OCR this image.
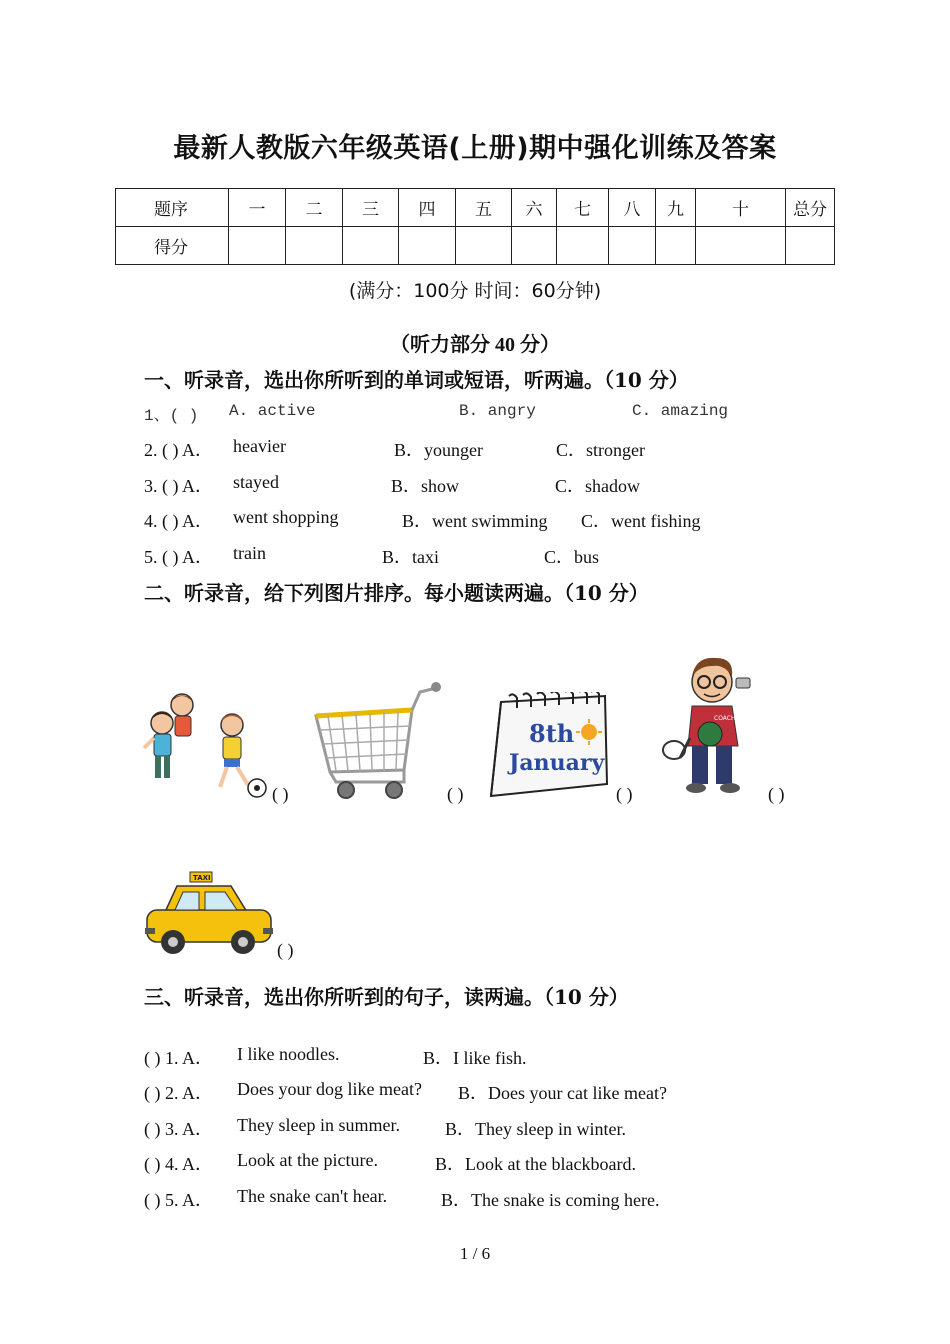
最新人教版六年级英语(上册)期中强化训练及答案
题序	一	二	三	四	五	六	七	八	九	十	总分
得分											
(满分：100分 时间：60分钟)
（听力部分 40 分）
一、听录音，选出你所听到的单词或短语，听两遍。（10 分）
1、( ) A. active	B. angry	C. amazing
2. ( ) A． heavier	B．younger	C．stronger
3. ( ) A． stayed	B．show	C．shadow
4. ( ) A． went shopping	B．went swimming C．went fishing
5. ( ) A． train	B．taxi	C．bus
二、听录音，给下列图片排序。每小题读两遍。（10 分）
( )	( )
8th
January
( )
COACH
( )
TAXI
( )
三、听录音，选出你所听到的句子，读两遍。（10 分）
( ) 1. A． I like noodles.	B．I like fish.
( ) 2. A． Does your dog like meat? B．Does your cat like meat?
( ) 3. A． They sleep in summer.	B．They sleep in winter.
( ) 4. A． Look at the picture.	B．Look at the blackboard.
( ) 5. A． The snake can't hear.	B．The snake is coming here.
1 / 6
